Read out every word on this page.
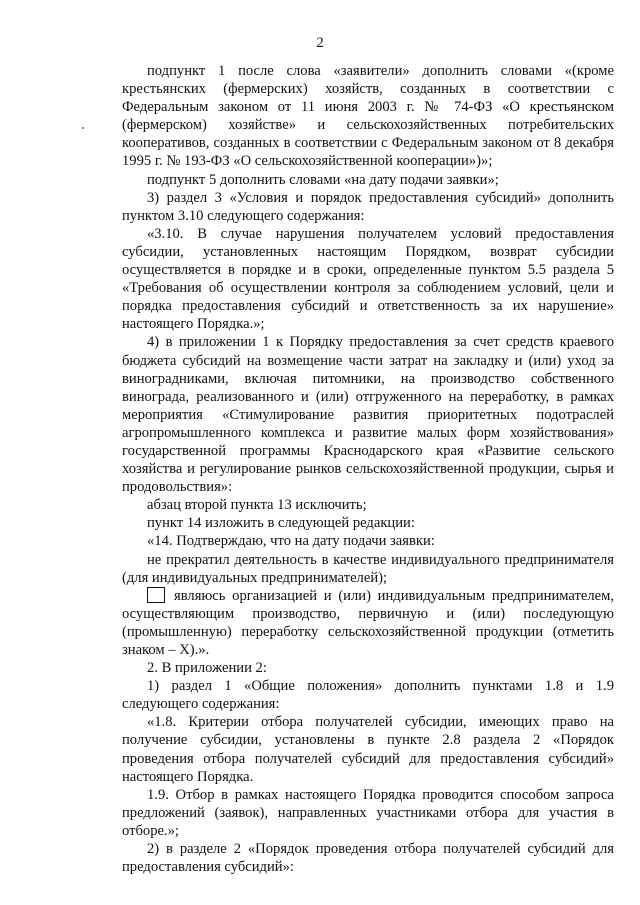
2

подпункт 1 после слова «заявители» дополнить словами «(кроме крестьянских (фермерских) хозяйств, созданных в соответствии с Федеральным законом от 11 июня 2003 г. № 74-ФЗ «О крестьянском (фермерском) хозяйстве» и сельскохозяйственных потребительских кооперативов, созданных в соответствии с Федеральным законом от 8 декабря 1995 г. № 193-ФЗ «О сельскохозяйственной кооперации»)»;

подпункт 5 дополнить словами «на дату подачи заявки»;

3) раздел 3 «Условия и порядок предоставления субсидий» дополнить пунктом 3.10 следующего содержания:

«3.10. В случае нарушения получателем условий предоставления субсидии, установленных настоящим Порядком, возврат субсидии осуществляется в порядке и в сроки, определенные пунктом 5.5 раздела 5 «Требования об осуществлении контроля за соблюдением условий, цели и порядка предоставления субсидий и ответственность за их нарушение» настоящего Порядка.»;

4) в приложении 1 к Порядку предоставления за счет средств краевого бюджета субсидий на возмещение части затрат на закладку и (или) уход за виноградниками, включая питомники, на производство собственного винограда, реализованного и (или) отгруженного на переработку, в рамках мероприятия «Стимулирование развития приоритетных подотраслей агропромышленного комплекса и развитие малых форм хозяйствования» государственной программы Краснодарского края «Развитие сельского хозяйства и регулирование рынков сельскохозяйственной продукции, сырья и продовольствия»:

абзац второй пункта 13 исключить;

пункт 14 изложить в следующей редакции:

«14. Подтверждаю, что на дату подачи заявки:

не прекратил деятельность в качестве индивидуального предпринимателя (для индивидуальных предпринимателей);

являюсь организацией и (или) индивидуальным предпринимателем, осуществляющим производство, первичную и (или) последующую (промышленную) переработку сельскохозяйственной продукции (отметить знаком – Х).».

2. В приложении 2:

1) раздел 1 «Общие положения» дополнить пунктами 1.8 и 1.9 следующего содержания:

«1.8. Критерии отбора получателей субсидии, имеющих право на получение субсидии, установлены в пункте 2.8 раздела 2 «Порядок проведения отбора получателей субсидий для предоставления субсидий» настоящего Порядка.

1.9. Отбор в рамках настоящего Порядка проводится способом запроса предложений (заявок), направленных участниками отбора для участия в отборе.»;

2) в разделе 2 «Порядок проведения отбора получателей субсидий для предоставления субсидий»:
